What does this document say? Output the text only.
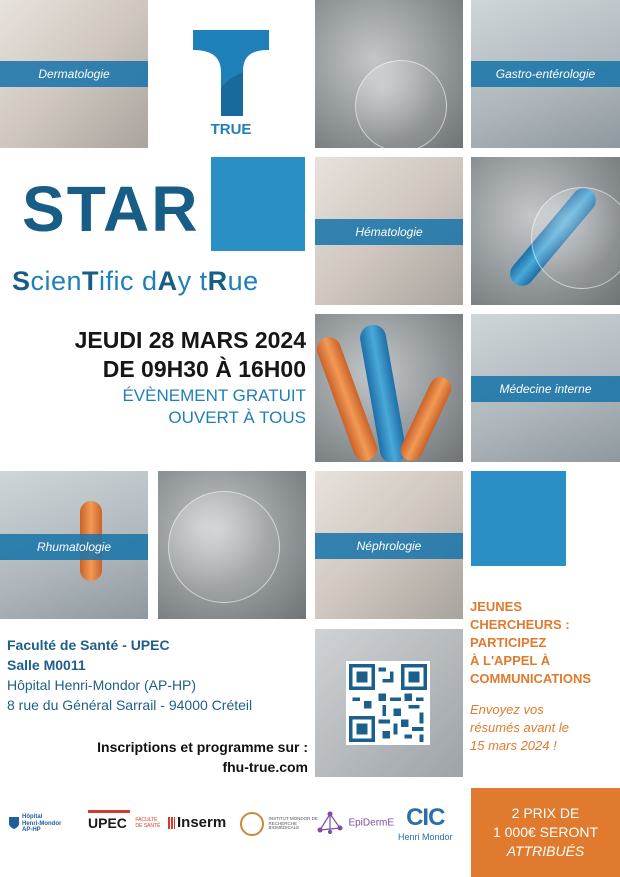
Dermatologie
TRUE
Gastro-entérologie
STAR	Hématologie
ScienTific dAy tRue
JEUDI 28 MARS 2024
DE 09H30 À 16H00
ÉVÈNEMENT GRATUIT
OUVERT À TOUS
Médecine interne
Rhumatologie	Néphrologie
Faculté de Santé - UPEC
Salle M0011
Hôpital Henri-Mondor (AP-HP)
8 rue du Général Sarrail - 94000 Créteil
Inscriptions et programme sur :
fhu-true.com
JEUNES
CHERCHEURS :
PARTICIPEZ
À L'APPEL À
COMMUNICATIONS
Envoyez vos
résumés avant le
15 mars 2024 !
2 PRIX DE
1 000€ SERONT
ATTRIBUÉS
Hôpital
Henri-Mondor
AP-HP	UPEC FACULTÉ DE SANTÉ	Inserm	INSTITUT MONDOR DE RECHERCHE BIOMÉDICALE	EpiDermE CIC
Henri Mondor
